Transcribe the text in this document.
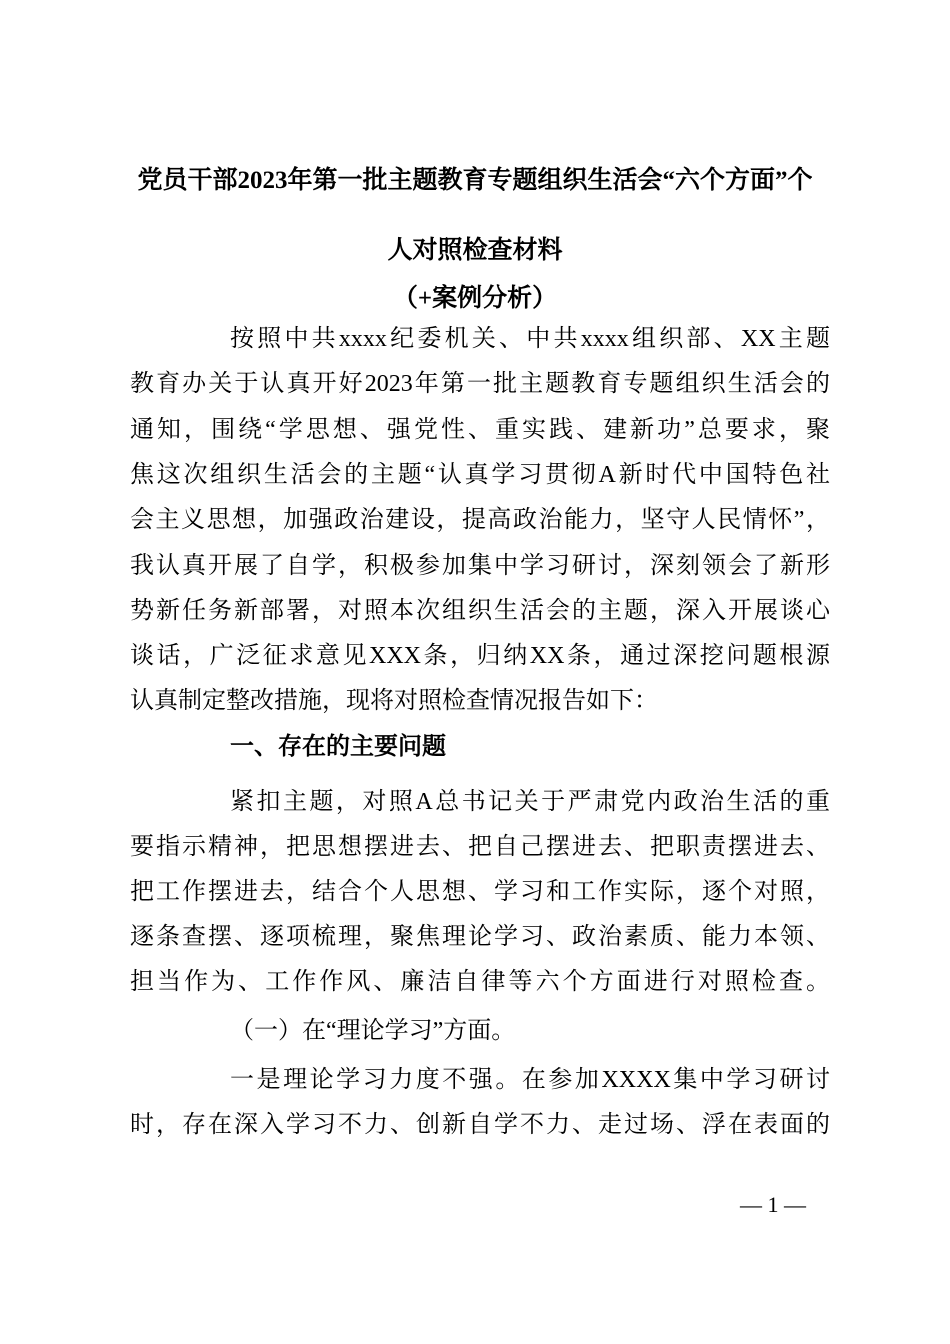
党员干部2023年第一批主题教育专题组织生活会“六个方面”个
人对照检查材料
（+案例分析）
按照中共xxxx纪委机关、中共xxxx组织部、XX主题
教育办关于认真开好2023年第一批主题教育专题组织生活会的
通知，围绕“学思想、强党性、重实践、建新功”总要求，聚
焦这次组织生活会的主题“认真学习贯彻A新时代中国特色社
会主义思想，加强政治建设，提高政治能力，坚守人民情怀”，
我认真开展了自学，积极参加集中学习研讨，深刻领会了新形
势新任务新部署，对照本次组织生活会的主题，深入开展谈心
谈话，广泛征求意见XXX条，归纳XX条，通过深挖问题根源
认真制定整改措施，现将对照检查情况报告如下：
一、存在的主要问题
紧扣主题，对照A总书记关于严肃党内政治生活的重
要指示精神，把思想摆进去、把自己摆进去、把职责摆进去、
把工作摆进去，结合个人思想、学习和工作实际，逐个对照，
逐条查摆、逐项梳理，聚焦理论学习、政治素质、能力本领、
担当作为、工作作风、廉洁自律等六个方面进行对照检查。
（一）在“理论学习”方面。
一是理论学习力度不强。在参加XXXX集中学习研讨
时，存在深入学习不力、创新自学不力、走过场、浮在表面的
— 1 —
